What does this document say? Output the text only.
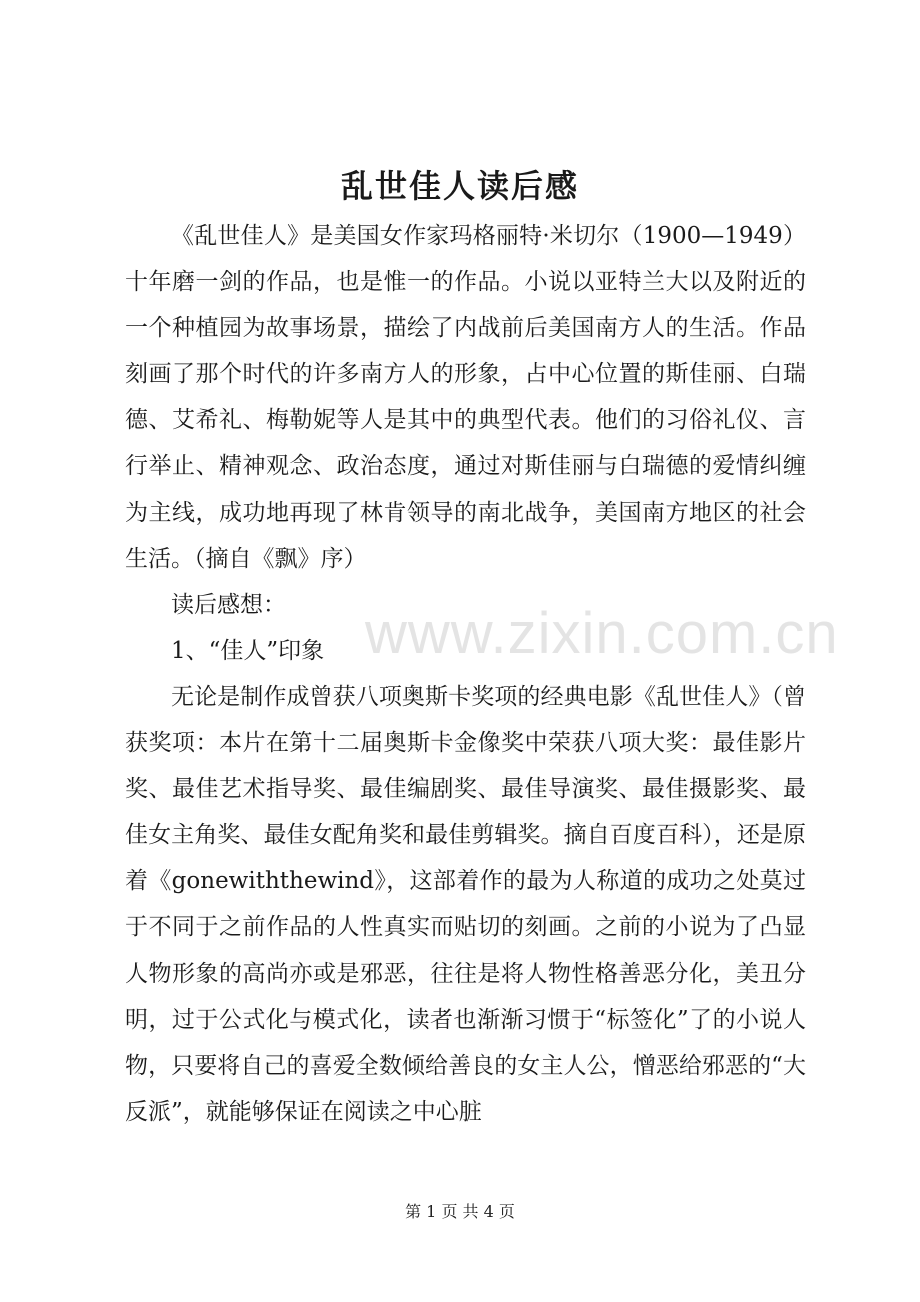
www.zixin.com.cn
乱世佳人读后感

《乱世佳人》是美国女作家玛格丽特·米切尔（1900—1949）十年磨一剑的作品，也是惟一的作品。小说以亚特兰大以及附近的一个种植园为故事场景，描绘了内战前后美国南方人的生活。作品刻画了那个时代的许多南方人的形象，占中心位置的斯佳丽、白瑞德、艾希礼、梅勒妮等人是其中的典型代表。他们的习俗礼仪、言行举止、精神观念、政治态度，通过对斯佳丽与白瑞德的爱情纠缠为主线，成功地再现了林肯领导的南北战争，美国南方地区的社会生活。（摘自《飘》序）

读后感想：

1、“佳人”印象

无论是制作成曾获八项奥斯卡奖项的经典电影《乱世佳人》（曾获奖项：本片在第十二届奥斯卡金像奖中荣获八项大奖：最佳影片奖、最佳艺术指导奖、最佳编剧奖、最佳导演奖、最佳摄影奖、最佳女主角奖、最佳女配角奖和最佳剪辑奖。摘自百度百科），还是原着《gonewiththewind》，这部着作的最为人称道的成功之处莫过于不同于之前作品的人性真实而贴切的刻画。之前的小说为了凸显人物形象的高尚亦或是邪恶，往往是将人物性格善恶分化，美丑分明，过于公式化与模式化，读者也渐渐习惯于“标签化”了的小说人物，只要将自己的喜爱全数倾给善良的女主人公，憎恶给邪恶的“大反派”，就能够保证在阅读之中心脏

第 1 页 共 4 页
